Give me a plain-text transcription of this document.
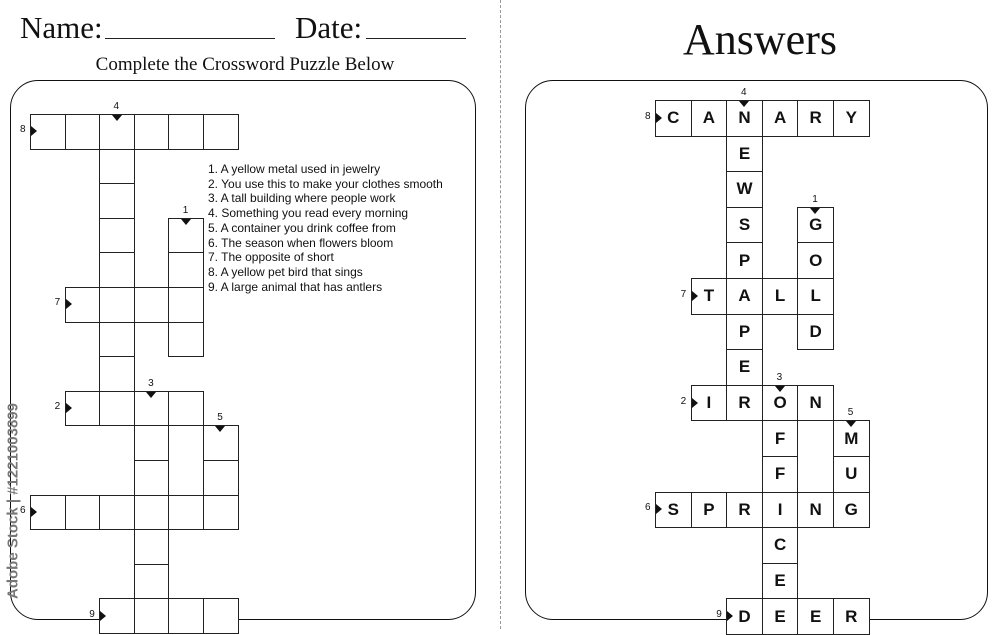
Name:	Date:
Complete the Crossword Puzzle Below
Answers
1. A yellow metal used in jewelry
2. You use this to make your clothes smooth
3. A tall building where people work
4. Something you read every morning
5. A container you drink coffee from
6. The season when flowers bloom
7. The opposite of short
8. A yellow pet bird that sings
9. A large animal that has antlers
Adobe Stock | #1221003899
8
4
1
7
2
3
5
6
9
C	A	N	A	R	Y
E
W
S
P
A
P
E
R
G
O
L
D
T	L
I	O	N
F
F
I
C
E
M
U
G
S	P	R	N
D	E	E	R
8
4
1
7
2
3
5
6
9
